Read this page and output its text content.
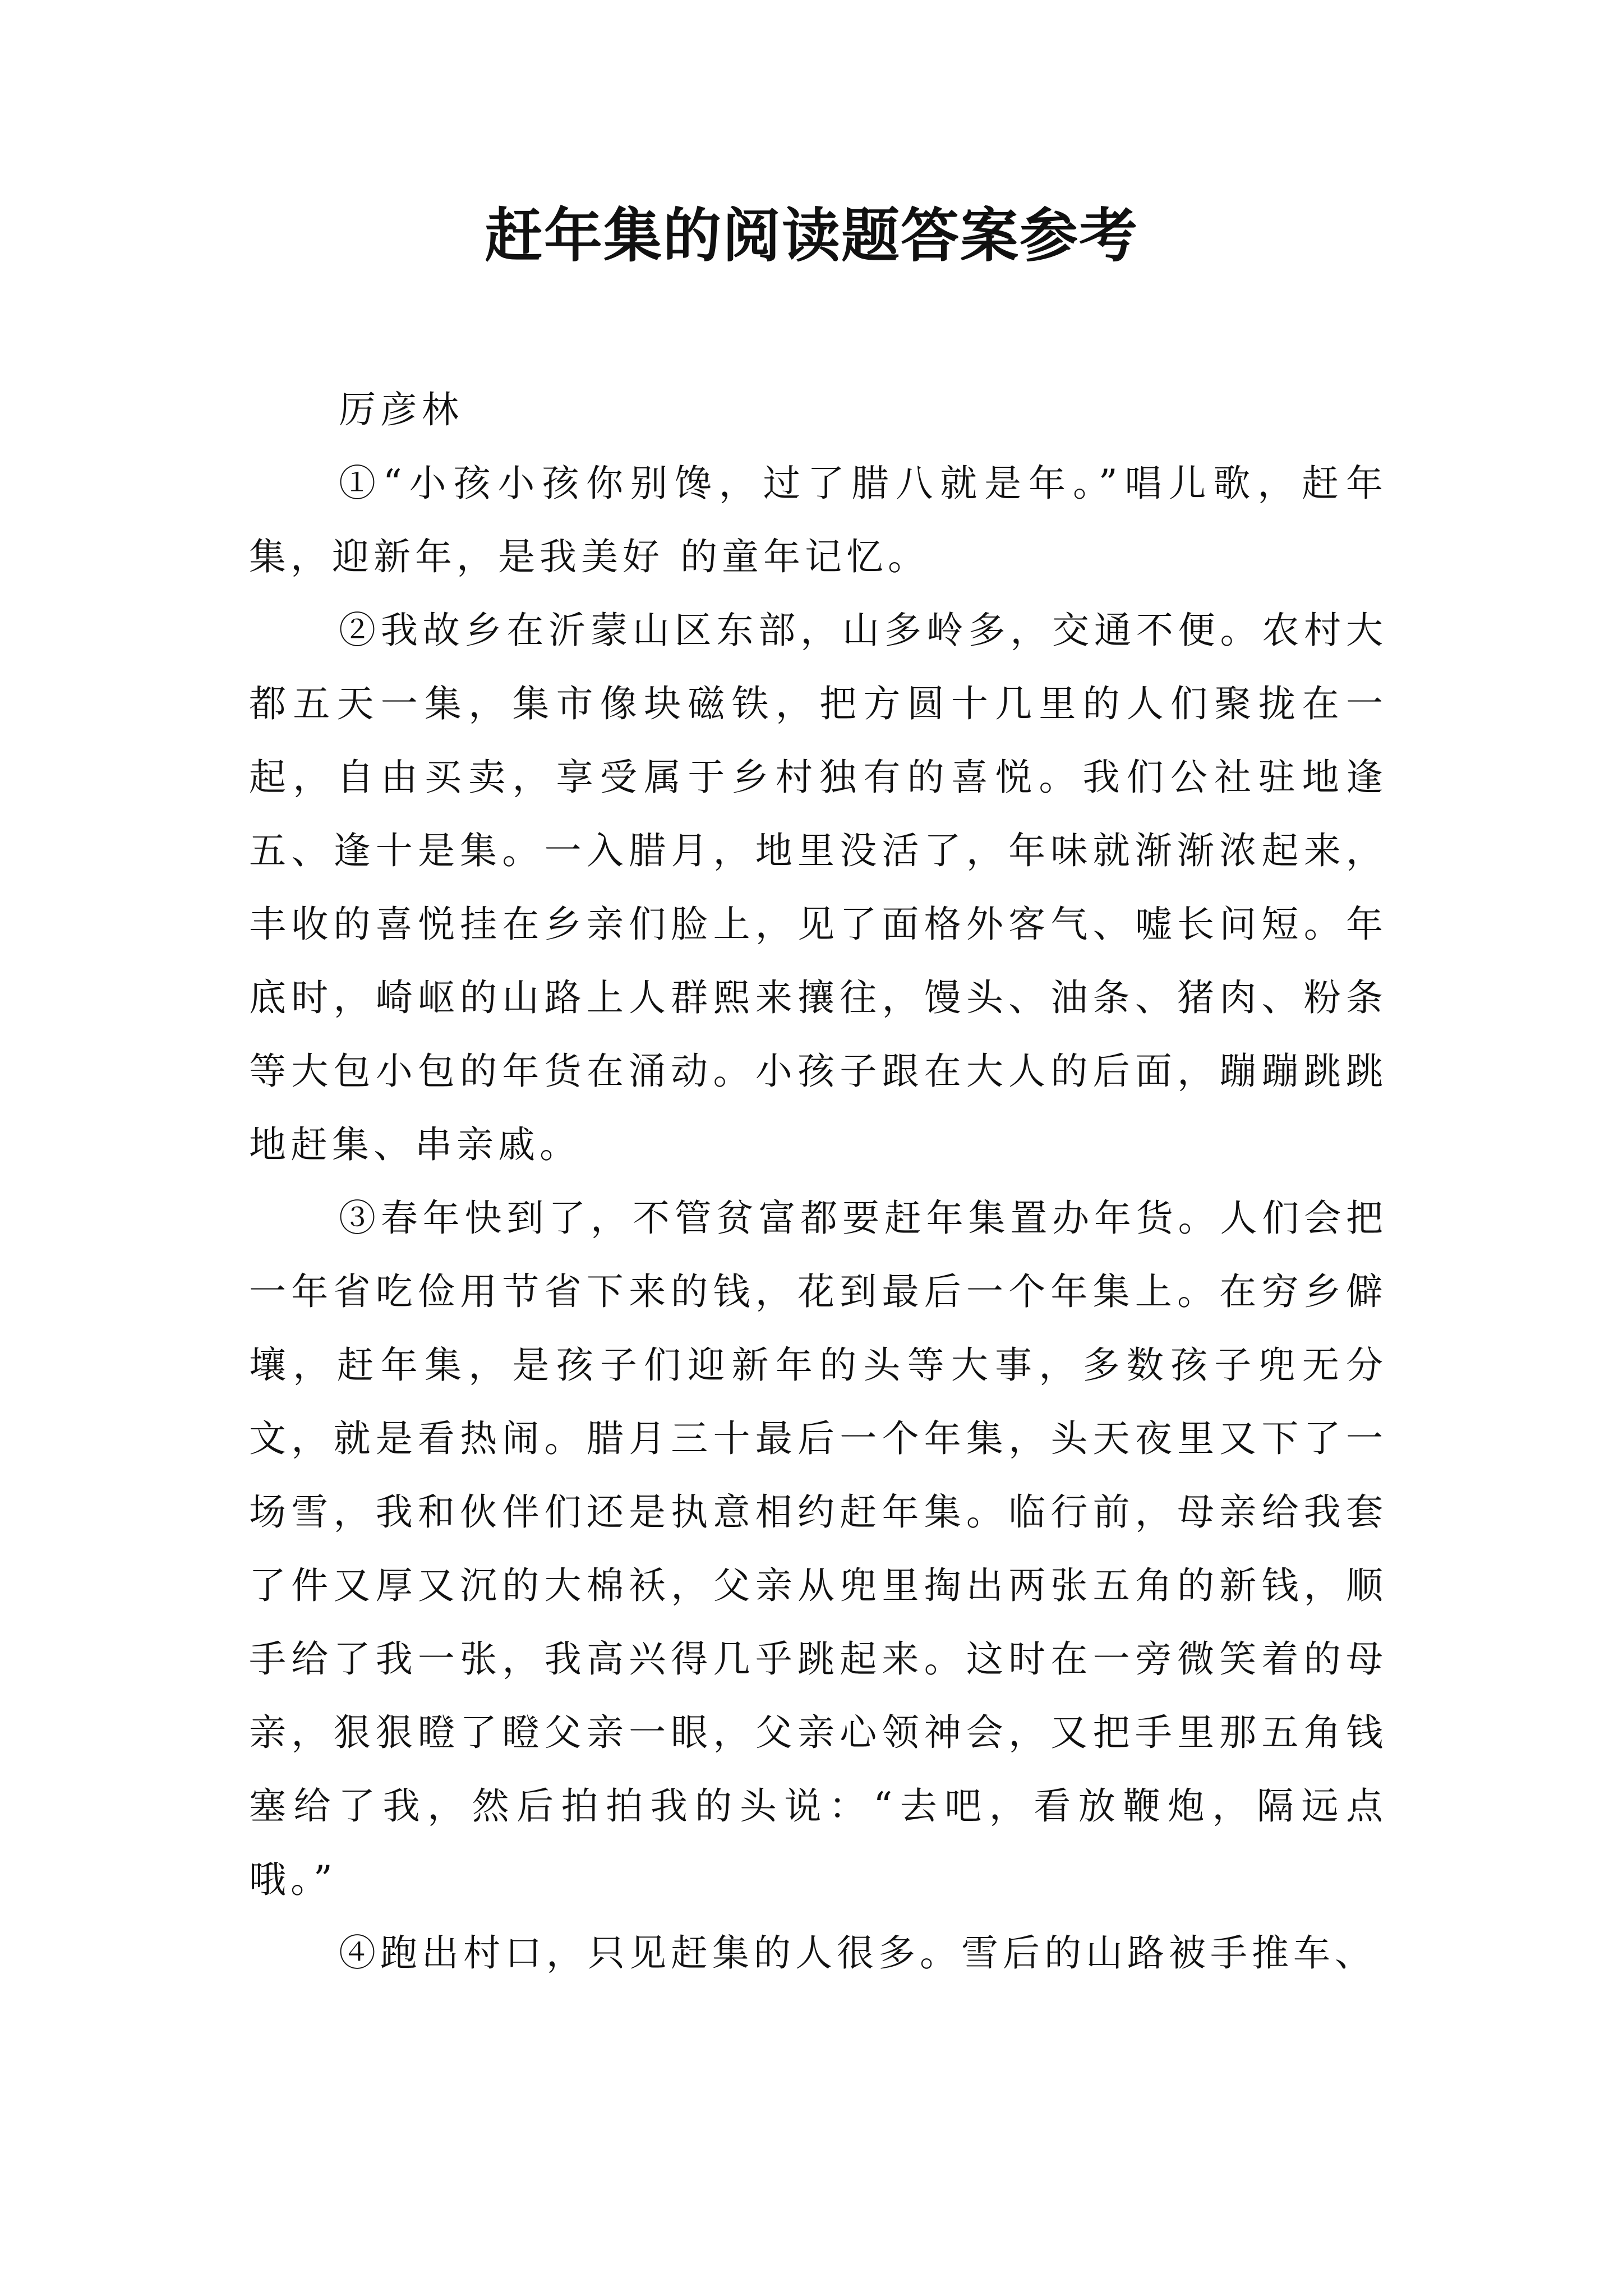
赶年集的阅读题答案参考

厉彦林

①“小孩小孩你别馋，过了腊八就是年。”唱儿歌，赶年集，迎新年，是我美好 的童年记忆。

②我故乡在沂蒙山区东部，山多岭多，交通不便。农村大都五天一集，集市像块磁铁，把方圆十几里的人们聚拢在一起，自由买卖，享受属于乡村独有的喜悦。我们公社驻地逢五、逢十是集。一入腊月，地里没活了，年味就渐渐浓起来，丰收的喜悦挂在乡亲们脸上，见了面格外客气、嘘长问短。年底时，崎岖的山路上人群熙来攘往，馒头、油条、猪肉、粉条等大包小包的年货在涌动。小孩子跟在大人的后面，蹦蹦跳跳地赶集、串亲戚。

③春年快到了，不管贫富都要赶年集置办年货。人们会把一年省吃俭用节省下来的钱，花到最后一个年集上。在穷乡僻壤，赶年集，是孩子们迎新年的头等大事，多数孩子兜无分文，就是看热闹。腊月三十最后一个年集，头天夜里又下了一场雪，我和伙伴们还是执意相约赶年集。临行前，母亲给我套了件又厚又沉的大棉袄，父亲从兜里掏出两张五角的新钱，顺手给了我一张，我高兴得几乎跳起来。这时在一旁微笑着的母亲，狠狠瞪了瞪父亲一眼，父亲心领神会，又把手里那五角钱塞给了我，然后拍拍我的头说：“去吧，看放鞭炮，隔远点哦。”

④跑出村口，只见赶集的人很多。雪后的山路被手推车、
